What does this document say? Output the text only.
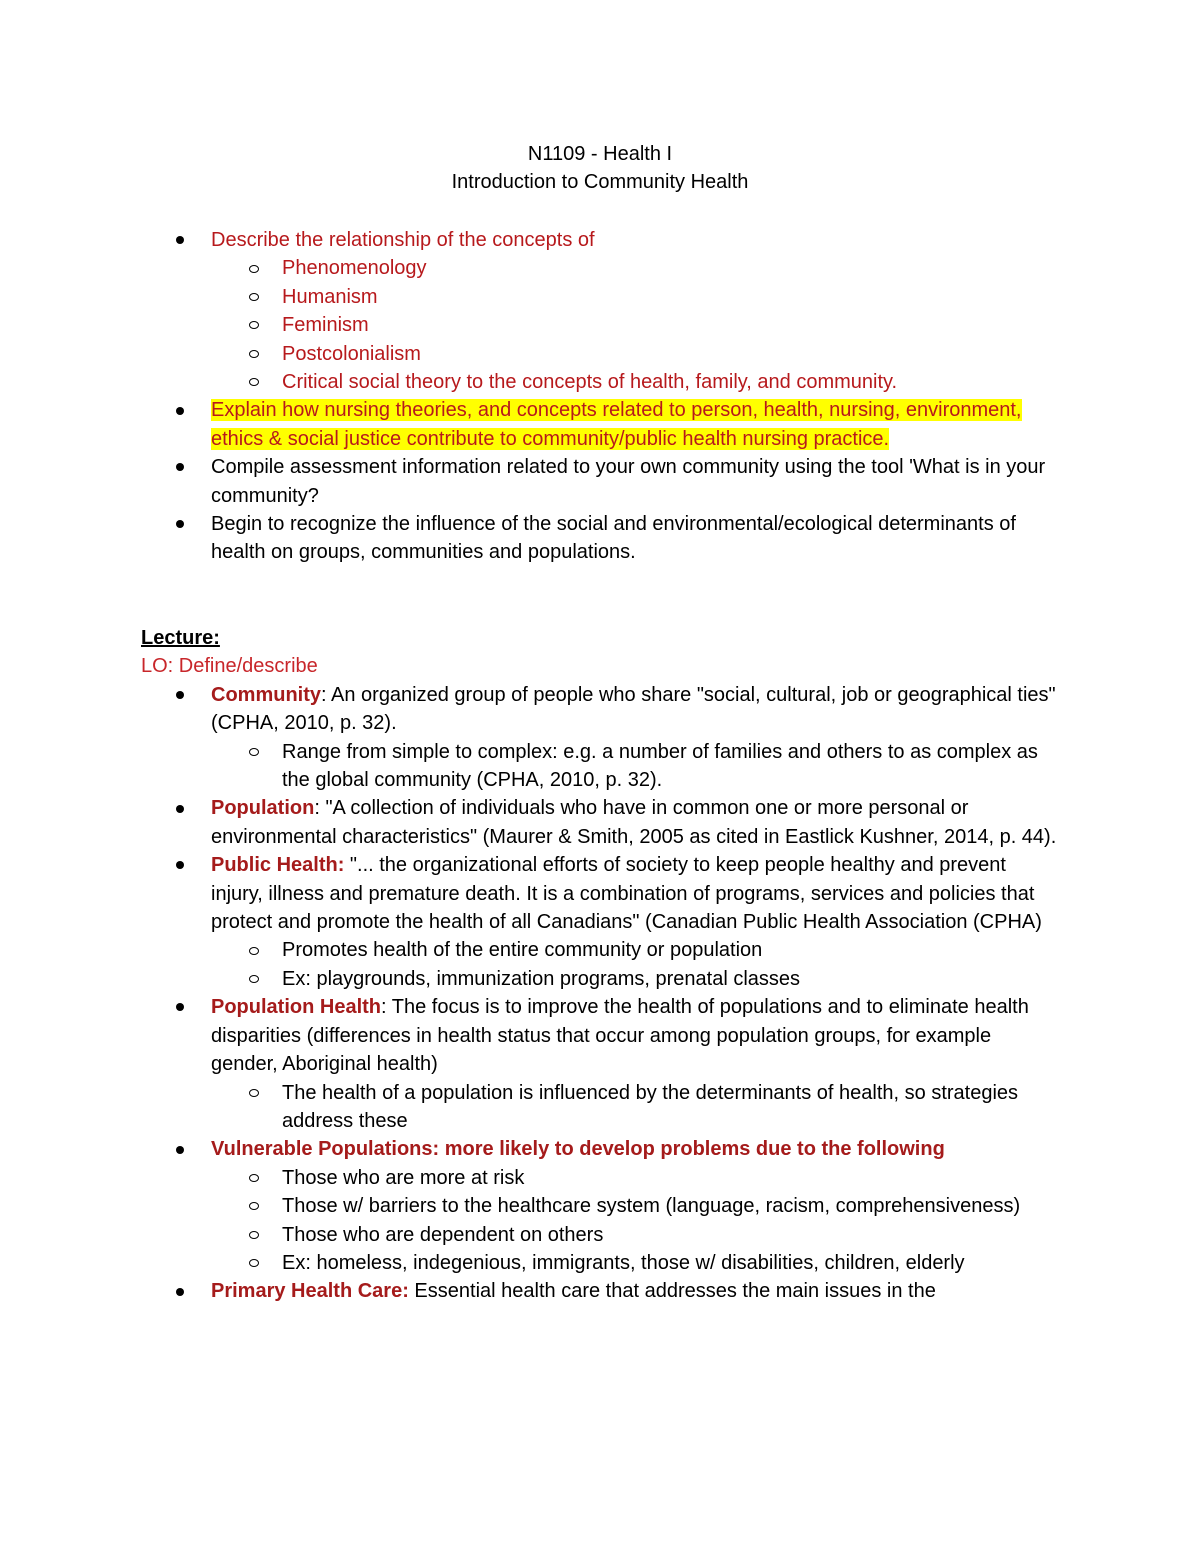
N1109 - Health I
Introduction to Community Health
Describe the relationship of the concepts of
Phenomenology
Humanism
Feminism
Postcolonialism
Critical social theory to the concepts of health, family, and community.
Explain how nursing theories, and concepts related to person, health, nursing, environment, ethics & social justice contribute to community/public health nursing practice.
Compile assessment information related to your own community using the tool 'What is in your community?
Begin to recognize the influence of the social and environmental/ecological determinants of health on groups, communities and populations.
Lecture:
LO: Define/describe
Community: An organized group of people who share "social, cultural, job or geographical ties" (CPHA, 2010, p. 32).
Range from simple to complex: e.g. a number of families and others to as complex as the global community (CPHA, 2010, p. 32).
Population: "A collection of individuals who have in common one or more personal or environmental characteristics" (Maurer & Smith, 2005 as cited in Eastlick Kushner, 2014, p. 44).
Public Health: "... the organizational efforts of society to keep people healthy and prevent injury, illness and premature death. It is a combination of programs, services and policies that protect and promote the health of all Canadians" (Canadian Public Health Association (CPHA)
Promotes health of the entire community or population
Ex: playgrounds, immunization programs, prenatal classes
Population Health: The focus is to improve the health of populations and to eliminate health disparities (differences in health status that occur among population groups, for example gender, Aboriginal health)
The health of a population is influenced by the determinants of health, so strategies address these
Vulnerable Populations: more likely to develop problems due to the following
Those who are more at risk
Those w/ barriers to the healthcare system (language, racism, comprehensiveness)
Those who are dependent on others
Ex: homeless, indegenious, immigrants, those w/ disabilities, children, elderly
Primary Health Care: Essential health care that addresses the main issues in the
